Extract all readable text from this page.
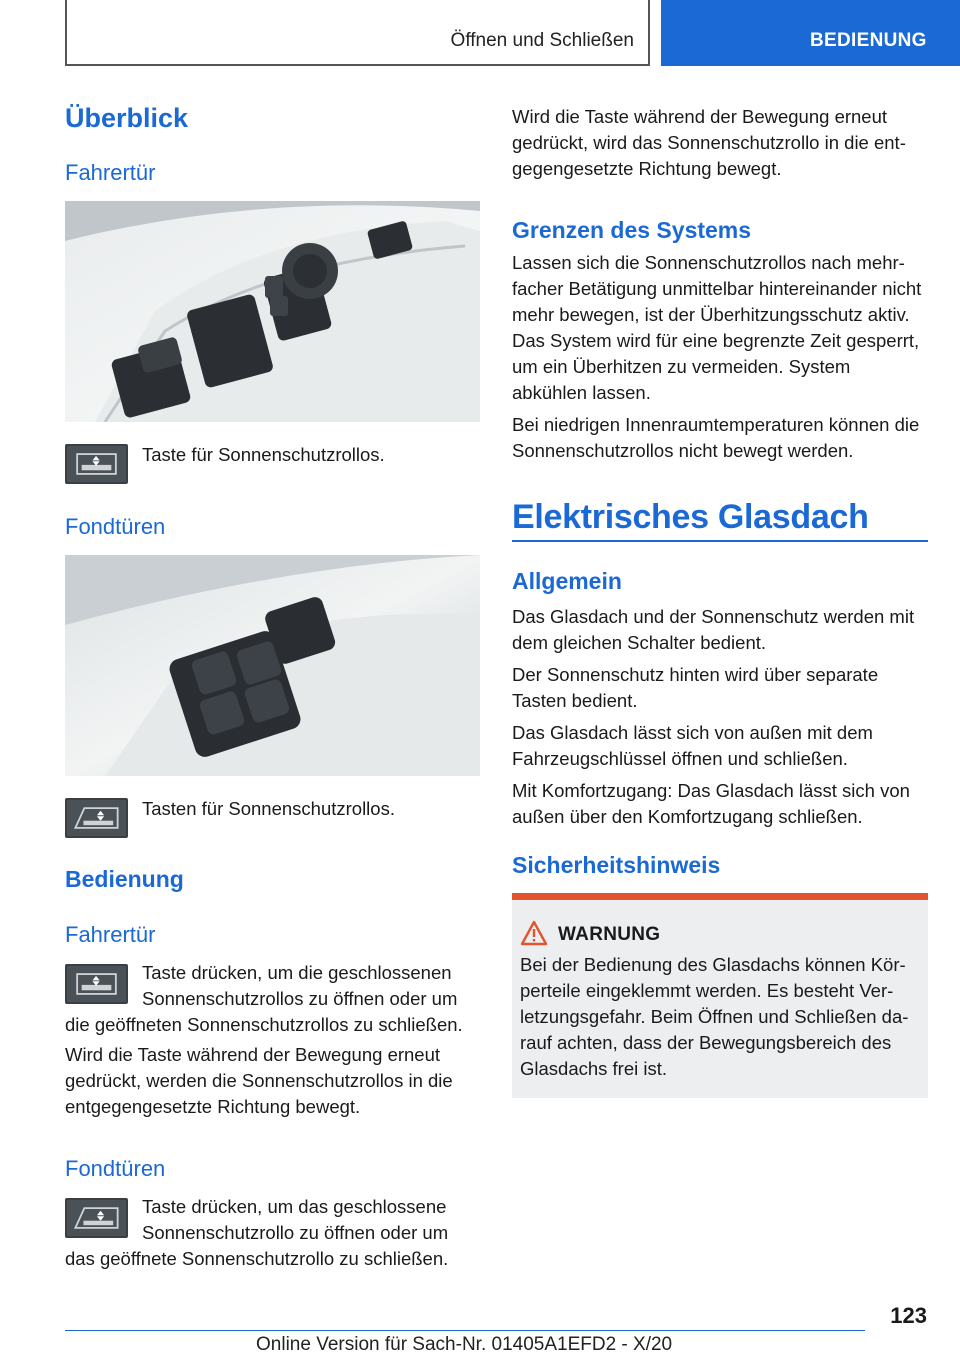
Öffnen und Schließen	BEDIENUNG
Überblick
Fahrertür
Taste für Sonnenschutzrollos.
Fondtüren
Tasten für Sonnenschutzrollos.
Bedienung
Fahrertür
Taste drücken, um die geschlossenen
Sonnenschutzrollos zu öffnen oder um
die geöffneten Sonnenschutzrollos zu schließen.

Wird die Taste während der Bewegung erneut gedrückt, werden die Sonnenschutzrollos in die entgegengesetzte Richtung bewegt.

Fondtüren
Taste drücken, um das geschlossene
Sonnenschutzrollo zu öffnen oder um
das geöffnete Sonnenschutzrollo zu schließen.

Wird die Taste während der Bewegung erneut gedrückt, wird das Sonnenschutzrollo in die entgegengesetzte Richtung bewegt.

Grenzen des Systems

Lassen sich die Sonnenschutzrollos nach mehrfacher Betätigung unmittelbar hintereinander nicht mehr bewegen, ist der Überhitzungsschutz aktiv. Das System wird für eine begrenzte Zeit gesperrt, um ein Überhitzen zu vermeiden. System abkühlen lassen.

Bei niedrigen Innenraumtemperaturen können die Sonnenschutzrollos nicht bewegt werden.

Elektrisches Glasdach
Allgemein

Das Glasdach und der Sonnenschutz werden mit dem gleichen Schalter bedient.

Der Sonnenschutz hinten wird über separate Tasten bedient.

Das Glasdach lässt sich von außen mit dem Fahrzeugschlüssel öffnen und schließen.

Mit Komfortzugang: Das Glasdach lässt sich von außen über den Komfortzugang schließen.

Sicherheitshinweis
WARNUNG
Bei der Bedienung des Glasdachs können Körperteile eingeklemmt werden. Es besteht Verletzungsgefahr. Beim Öffnen und Schließen darauf achten, dass der Bewegungsbereich des Glasdachs frei ist.
123
Online Version für Sach-Nr. 01405A1EFD2 - X/20
